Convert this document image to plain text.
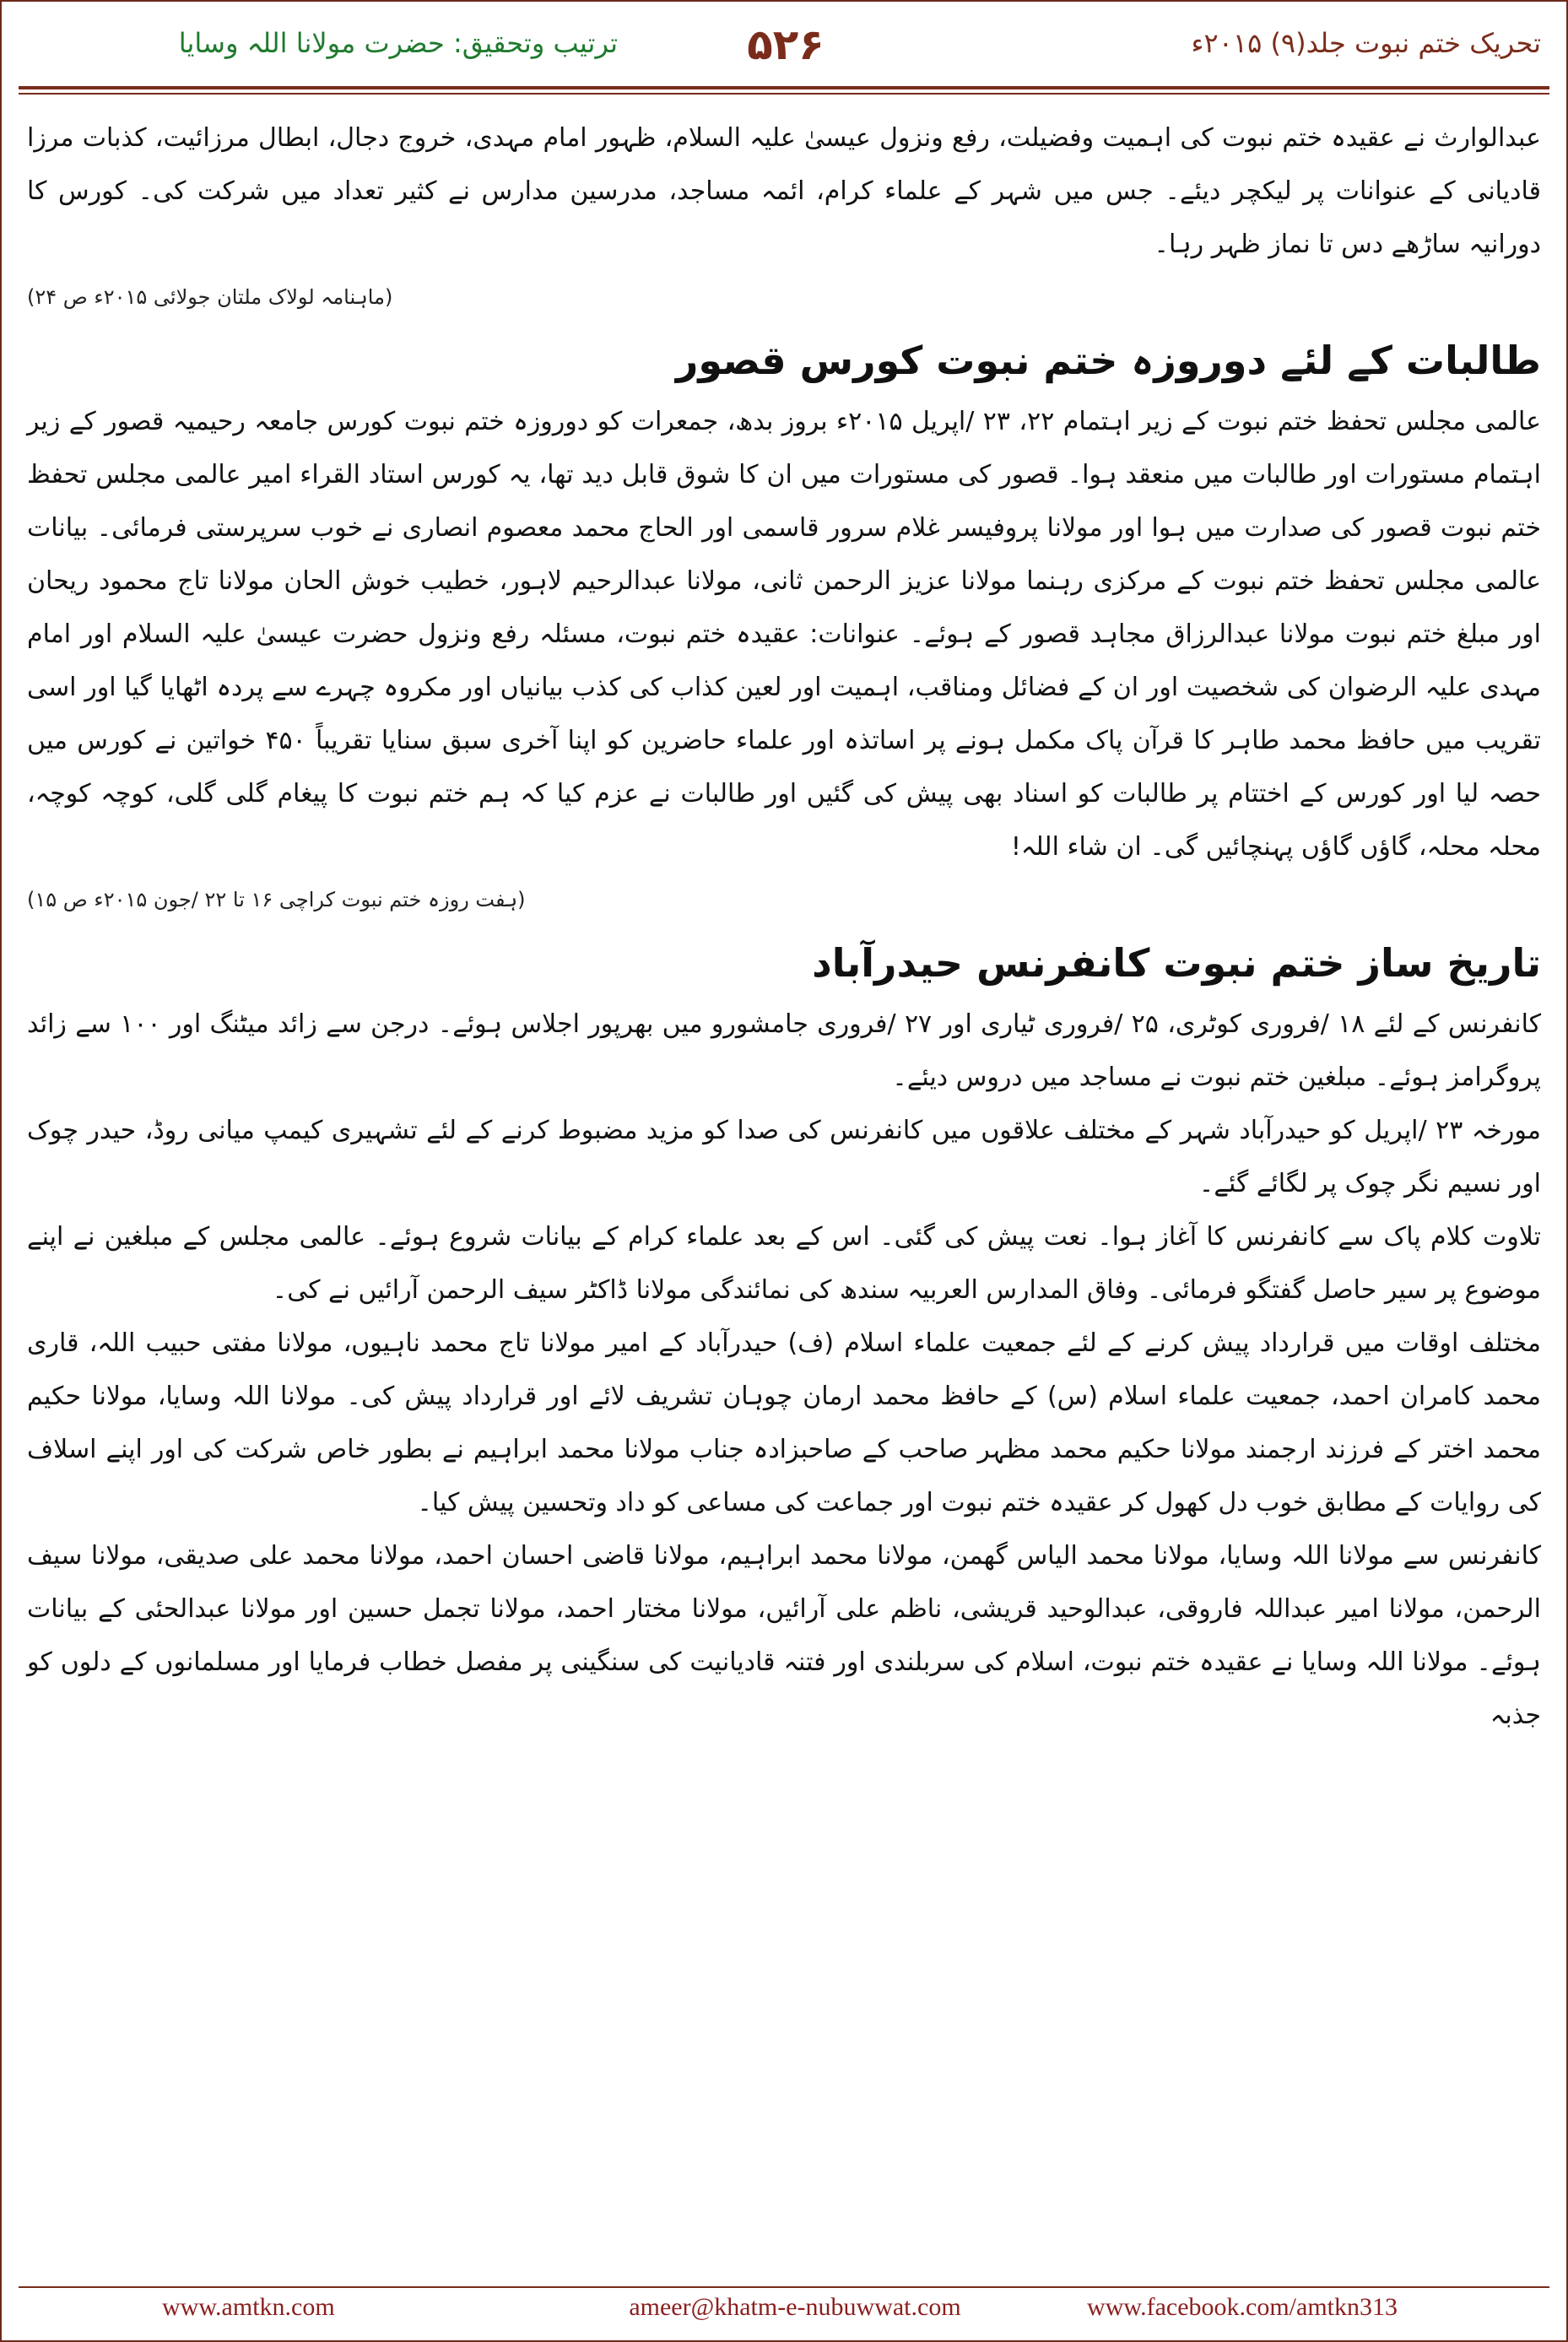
ترتیب وتحقیق: حضرت مولانا اللہ وسایا	۵۲۶	تحریک ختم نبوت جلد(۹) ۲۰۱۵ء

عبدالوارث نے عقیدہ ختم نبوت کی اہمیت وفضیلت، رفع ونزول عیسیٰ علیہ السلام، ظہور امام مہدی، خروج دجال، ابطال مرزائیت، کذبات مرزا قادیانی کے عنوانات پر لیکچر دیئے۔ جس میں شہر کے علماء کرام، ائمہ مساجد، مدرسین مدارس نے کثیر تعداد میں شرکت کی۔ کورس کا دورانیہ ساڑھے دس تا نماز ظہر رہا۔

(ماہنامہ لولاک ملتان جولائی ۲۰۱۵ء ص ۲۴)
طالبات کے لئے دوروزہ ختم نبوت کورس قصور

عالمی مجلس تحفظ ختم نبوت کے زیر اہتمام ۲۲، ۲۳ /اپریل ۲۰۱۵ء بروز بدھ، جمعرات کو دوروزہ ختم نبوت کورس جامعہ رحیمیہ قصور کے زیر اہتمام مستورات اور طالبات میں منعقد ہوا۔ قصور کی مستورات میں ان کا شوق قابل دید تھا، یہ کورس استاد القراء امیر عالمی مجلس تحفظ ختم نبوت قصور کی صدارت میں ہوا اور مولانا پروفیسر غلام سرور قاسمی اور الحاج محمد معصوم انصاری نے خوب سرپرستی فرمائی۔ بیانات عالمی مجلس تحفظ ختم نبوت کے مرکزی رہنما مولانا عزیز الرحمن ثانی، مولانا عبدالرحیم لاہور، خطیب خوش الحان مولانا تاج محمود ریحان اور مبلغ ختم نبوت مولانا عبدالرزاق مجاہد قصور کے ہوئے۔ عنوانات: عقیدہ ختم نبوت، مسئلہ رفع ونزول حضرت عیسیٰ علیہ السلام اور امام مہدی علیہ الرضوان کی شخصیت اور ان کے فضائل ومناقب، اہمیت اور لعین کذاب کی کذب بیانیاں اور مکروہ چہرے سے پردہ اٹھایا گیا اور اسی تقریب میں حافظ محمد طاہر کا قرآن پاک مکمل ہونے پر اساتذہ اور علماء حاضرین کو اپنا آخری سبق سنایا تقریباً ۴۵۰ خواتین نے کورس میں حصہ لیا اور کورس کے اختتام پر طالبات کو اسناد بھی پیش کی گئیں اور طالبات نے عزم کیا کہ ہم ختم نبوت کا پیغام گلی گلی، کوچہ کوچہ، محلہ محلہ، گاؤں گاؤں پہنچائیں گی۔ ان شاء اللہ!

(ہفت روزہ ختم نبوت کراچی ۱۶ تا ۲۲ /جون ۲۰۱۵ء ص ۱۵)
تاریخ ساز ختم نبوت کانفرنس حیدرآباد

کانفرنس کے لئے ۱۸ /فروری کوٹری، ۲۵ /فروری ٹیاری اور ۲۷ /فروری جامشورو میں بھرپور اجلاس ہوئے۔ درجن سے زائد میٹنگ اور ۱۰۰ سے زائد پروگرامز ہوئے۔ مبلغین ختم نبوت نے مساجد میں دروس دیئے۔

مورخہ ۲۳ /اپریل کو حیدرآباد شہر کے مختلف علاقوں میں کانفرنس کی صدا کو مزید مضبوط کرنے کے لئے تشہیری کیمپ میانی روڈ، حیدر چوک اور نسیم نگر چوک پر لگائے گئے۔

تلاوت کلام پاک سے کانفرنس کا آغاز ہوا۔ نعت پیش کی گئی۔ اس کے بعد علماء کرام کے بیانات شروع ہوئے۔ عالمی مجلس کے مبلغین نے اپنے موضوع پر سیر حاصل گفتگو فرمائی۔ وفاق المدارس العربیہ سندھ کی نمائندگی مولانا ڈاکٹر سیف الرحمن آرائیں نے کی۔

مختلف اوقات میں قرارداد پیش کرنے کے لئے جمعیت علماء اسلام (ف) حیدرآباد کے امیر مولانا تاج محمد ناہیوں، مولانا مفتی حبیب اللہ، قاری محمد کامران احمد، جمعیت علماء اسلام (س) کے حافظ محمد ارمان چوہان تشریف لائے اور قرارداد پیش کی۔ مولانا اللہ وسایا، مولانا حکیم محمد اختر کے فرزند ارجمند مولانا حکیم محمد مظہر صاحب کے صاحبزادہ جناب مولانا محمد ابراہیم نے بطور خاص شرکت کی اور اپنے اسلاف کی روایات کے مطابق خوب دل کھول کر عقیدہ ختم نبوت اور جماعت کی مساعی کو داد وتحسین پیش کیا۔

کانفرنس سے مولانا اللہ وسایا، مولانا محمد الیاس گھمن، مولانا محمد ابراہیم، مولانا قاضی احسان احمد، مولانا محمد علی صدیقی، مولانا سیف الرحمن، مولانا امیر عبداللہ فاروقی، عبدالوحید قریشی، ناظم علی آرائیں، مولانا مختار احمد، مولانا تجمل حسین اور مولانا عبدالحئی کے بیانات ہوئے۔ مولانا اللہ وسایا نے عقیدہ ختم نبوت، اسلام کی سربلندی اور فتنہ قادیانیت کی سنگینی پر مفصل خطاب فرمایا اور مسلمانوں کے دلوں کو جذبہ

www.amtkn.com	ameer@khatm-e-nubuwwat.com	www.facebook.com/amtkn313
